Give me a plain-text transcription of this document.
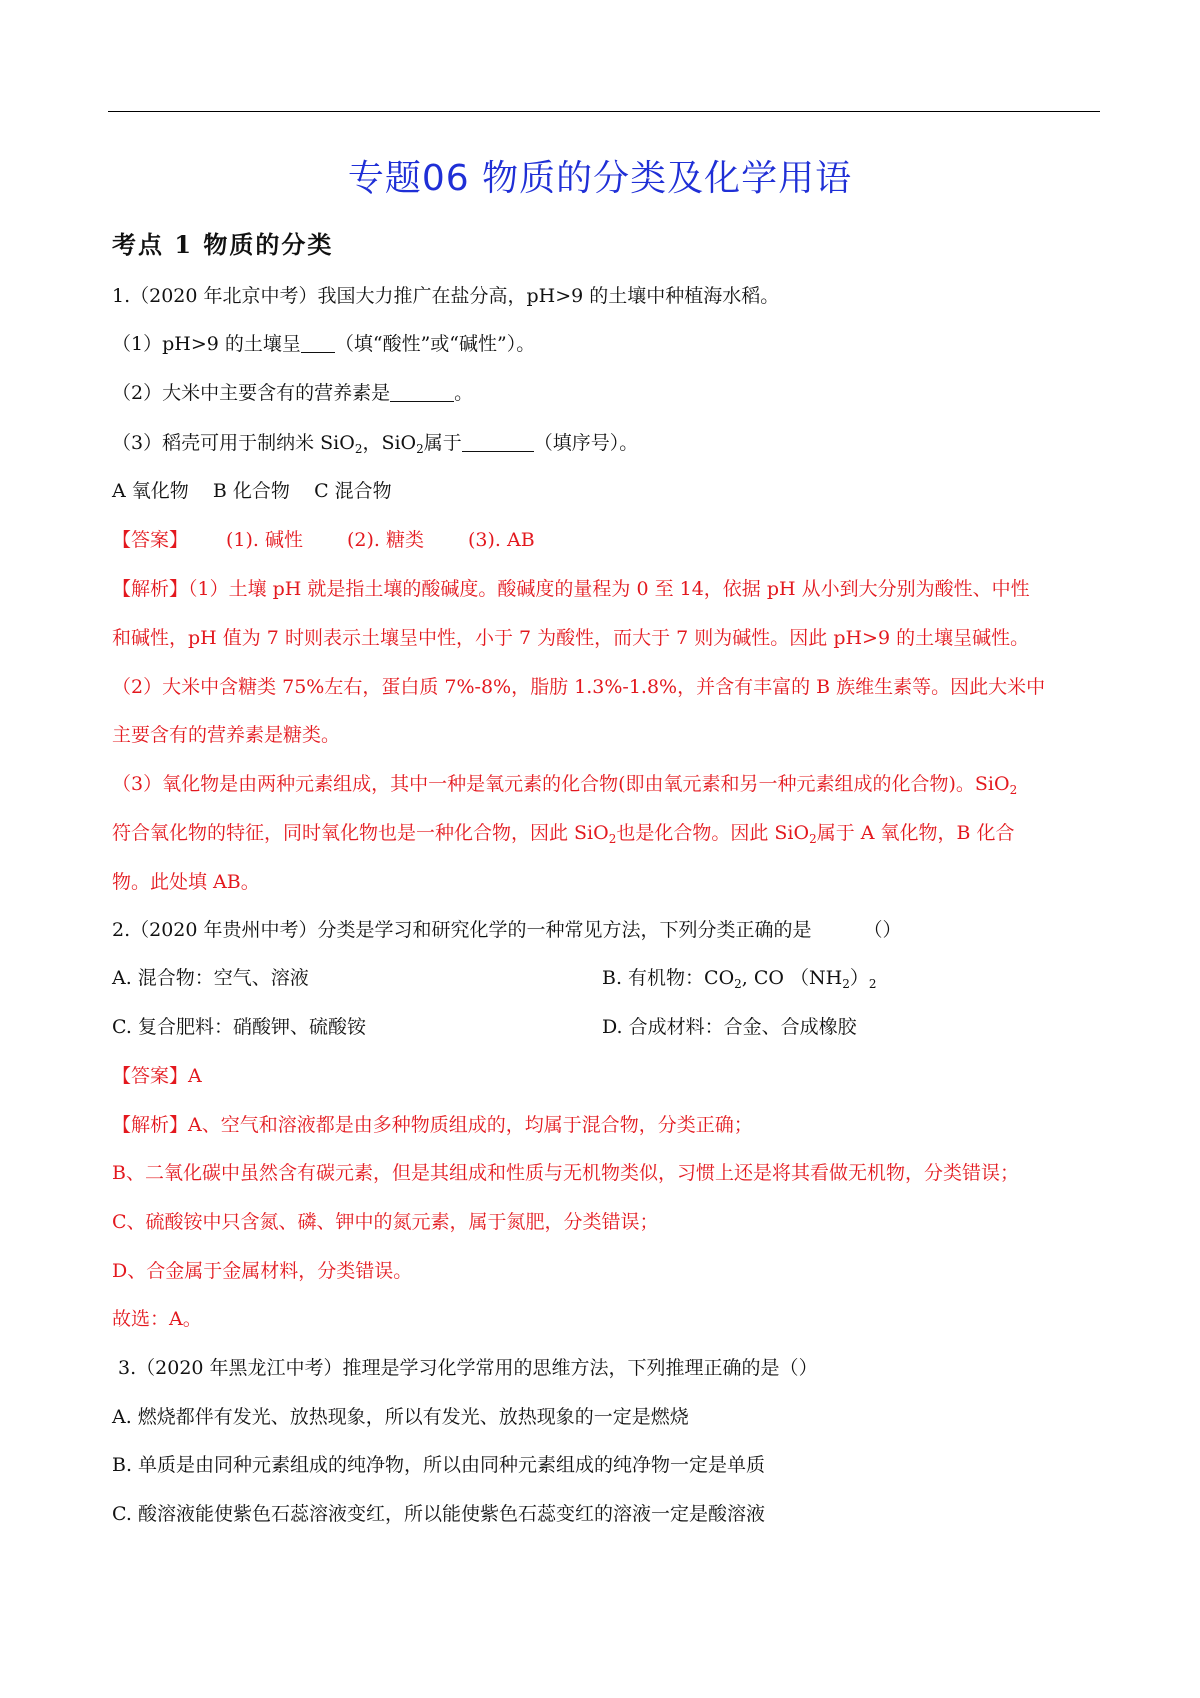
专题06 物质的分类及化学用语
考点 1 物质的分类
1.（2020 年北京中考）我国大力推广在盐分高，pH>9 的土壤中种植海水稻。
（1）pH>9 的土壤呈 （填“酸性”或“碱性”）。
（2）大米中主要含有的营养素是	。
（3）稻壳可用于制纳米 SiO$_2$，SiO$_2$属于	（填序号）。
A 氧化物    B 化合物    C 混合物
【答案】 (1). 碱性 (2). 糖类 (3). AB
【解析】（1）土壤 pH 就是指土壤的酸碱度。酸碱度的量程为 0 至 14，依据 pH 从小到大分别为酸性、中性
和碱性，pH 值为 7 时则表示土壤呈中性，小于 7 为酸性，而大于 7 则为碱性。因此 pH>9 的土壤呈碱性。
（2）大米中含糖类 75%左右，蛋白质 7%-8%，脂肪 1.3%-1.8%，并含有丰富的 B 族维生素等。因此大米中
主要含有的营养素是糖类。
（3）氧化物是由两种元素组成，其中一种是氧元素的化合物(即由氧元素和另一种元素组成的化合物)。SiO$_2$
符合氧化物的特征，同时氧化物也是一种化合物，因此 SiO$_2$也是化合物。因此 SiO$_2$属于 A 氧化物，B 化合
物。此处填 AB。
2.（2020 年贵州中考）分类是学习和研究化学的一种常见方法，下列分类正确的是	（）
A. 混合物：空气、溶液	B. 有机物：$CO_2$, CO $(NH_2)_2$
C. 复合肥料：硝酸钾、硫酸铵	D. 合成材料：合金、合成橡胶
【答案】A
【解析】A、空气和溶液都是由多种物质组成的，均属于混合物，分类正确；
B、二氧化碳中虽然含有碳元素，但是其组成和性质与无机物类似，习惯上还是将其看做无机物，分类错误；
C、硫酸铵中只含氮、磷、钾中的氮元素，属于氮肥，分类错误；
D、合金属于金属材料，分类错误。
故选：A。
3.（2020 年黑龙江中考）推理是学习化学常用的思维方法，下列推理正确的是（）
A. 燃烧都伴有发光、放热现象，所以有发光、放热现象的一定是燃烧
B. 单质是由同种元素组成的纯净物，所以由同种元素组成的纯净物一定是单质
C. 酸溶液能使紫色石蕊溶液变红，所以能使紫色石蕊变红的溶液一定是酸溶液
